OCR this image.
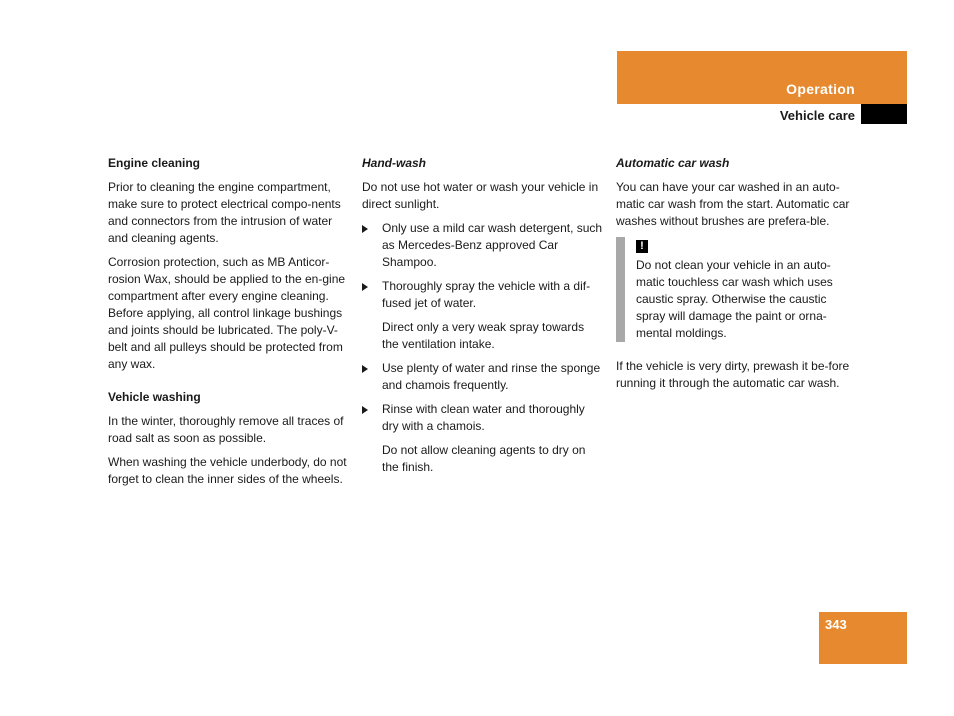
Operation
Vehicle care

Engine cleaning

Prior to cleaning the engine compartment, make sure to protect electrical compo-nents and connectors from the intrusion of water and cleaning agents.

Corrosion protection, such as MB Anticor-rosion Wax, should be applied to the en-gine compartment after every engine cleaning. Before applying, all control linkage bushings and joints should be lubricated. The poly-V-belt and all pulleys should be protected from any wax.

Vehicle washing

In the winter, thoroughly remove all traces of road salt as soon as possible.

When washing the vehicle underbody, do not forget to clean the inner sides of the wheels.

Hand-wash

Do not use hot water or wash your vehicle in direct sunlight.

Only use a mild car wash detergent, such as Mercedes-Benz approved Car Shampoo.
Thoroughly spray the vehicle with a dif-fused jet of water.

Direct only a very weak spray towards the ventilation intake.

Use plenty of water and rinse the sponge and chamois frequently.
Rinse with clean water and thoroughly dry with a chamois.

Do not allow cleaning agents to dry on the finish.

Automatic car wash

You can have your car washed in an auto-matic car wash from the start. Automatic car washes without brushes are prefera-ble.

!

Do not clean your vehicle in an auto-matic touchless car wash which uses caustic spray. Otherwise the caustic spray will damage the paint or orna-mental moldings.

If the vehicle is very dirty, prewash it be-fore running it through the automatic car wash.

343
